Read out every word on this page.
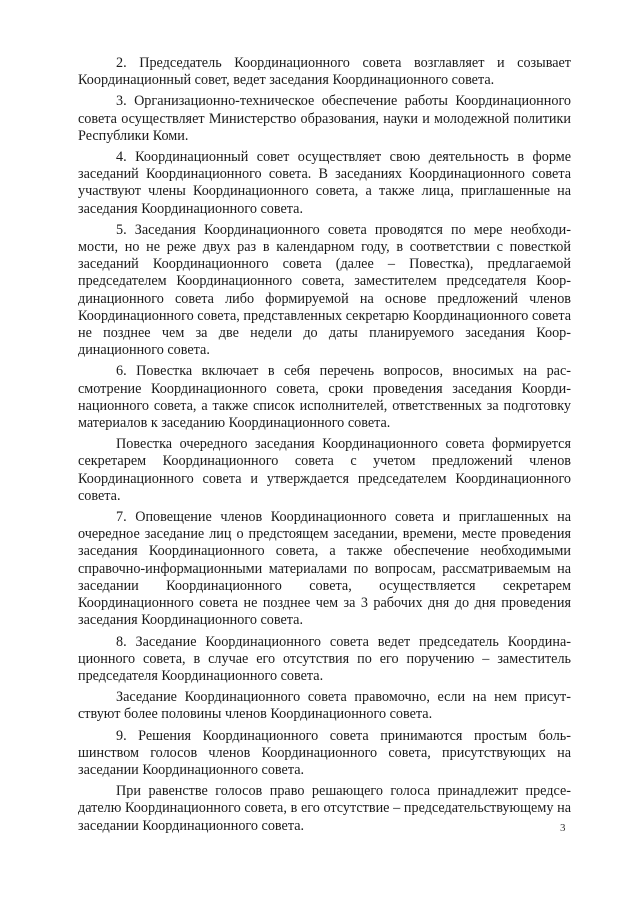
2. Председатель Координационного совета возглавляет и созывает Координационный совет, ведет заседания Координационного совета.

3. Организационно-техническое обеспечение работы Координационного совета осуществляет Министерство образования, науки и молодежной политики Республики Коми.

4. Координационный совет осуществляет свою деятельность в форме заседаний Координационного совета. В заседаниях Координационного совета участвуют члены Координационного совета, а также лица, приглашенные на заседания Координационного совета.

5. Заседания Координационного совета проводятся по мере необходимости, но не реже двух раз в календарном году, в соответствии с повесткой заседаний Координационного совета (далее – Повестка), предлагаемой председателем Координационного совета, заместителем председателя Координационного совета либо формируемой на основе предложений членов Координационного совета, представленных секретарю Координационного совета не позднее чем за две недели до даты планируемого заседания Координационного совета.

6. Повестка включает в себя перечень вопросов, вносимых на рассмотрение Координационного совета, сроки проведения заседания Координационного совета, а также список исполнителей, ответственных за подготовку материалов к заседанию Координационного совета.

Повестка очередного заседания Координационного совета формируется секретарем Координационного совета с учетом предложений членов Координационного совета и утверждается председателем Координационного совета.

7. Оповещение членов Координационного совета и приглашенных на очередное заседание лиц о предстоящем заседании, времени, месте проведения заседания Координационного совета, а также обеспечение необходимыми справочно-информационными материалами по вопросам, рассматриваемым на заседании Координационного совета, осуществляется секретарем Координационного совета не позднее чем за 3 рабочих дня до дня проведения заседания Координационного совета.

8. Заседание Координационного совета ведет председатель Координационного совета, в случае его отсутствия по его поручению – заместитель председателя Координационного совета.

Заседание Координационного совета правомочно, если на нем присутствуют более половины членов Координационного совета.

9. Решения Координационного совета принимаются простым большинством голосов членов Координационного совета, присутствующих на заседании Координационного совета.

При равенстве голосов право решающего голоса принадлежит председателю Координационного совета, в его отсутствие – председательствующему на заседании Координационного совета.	3
